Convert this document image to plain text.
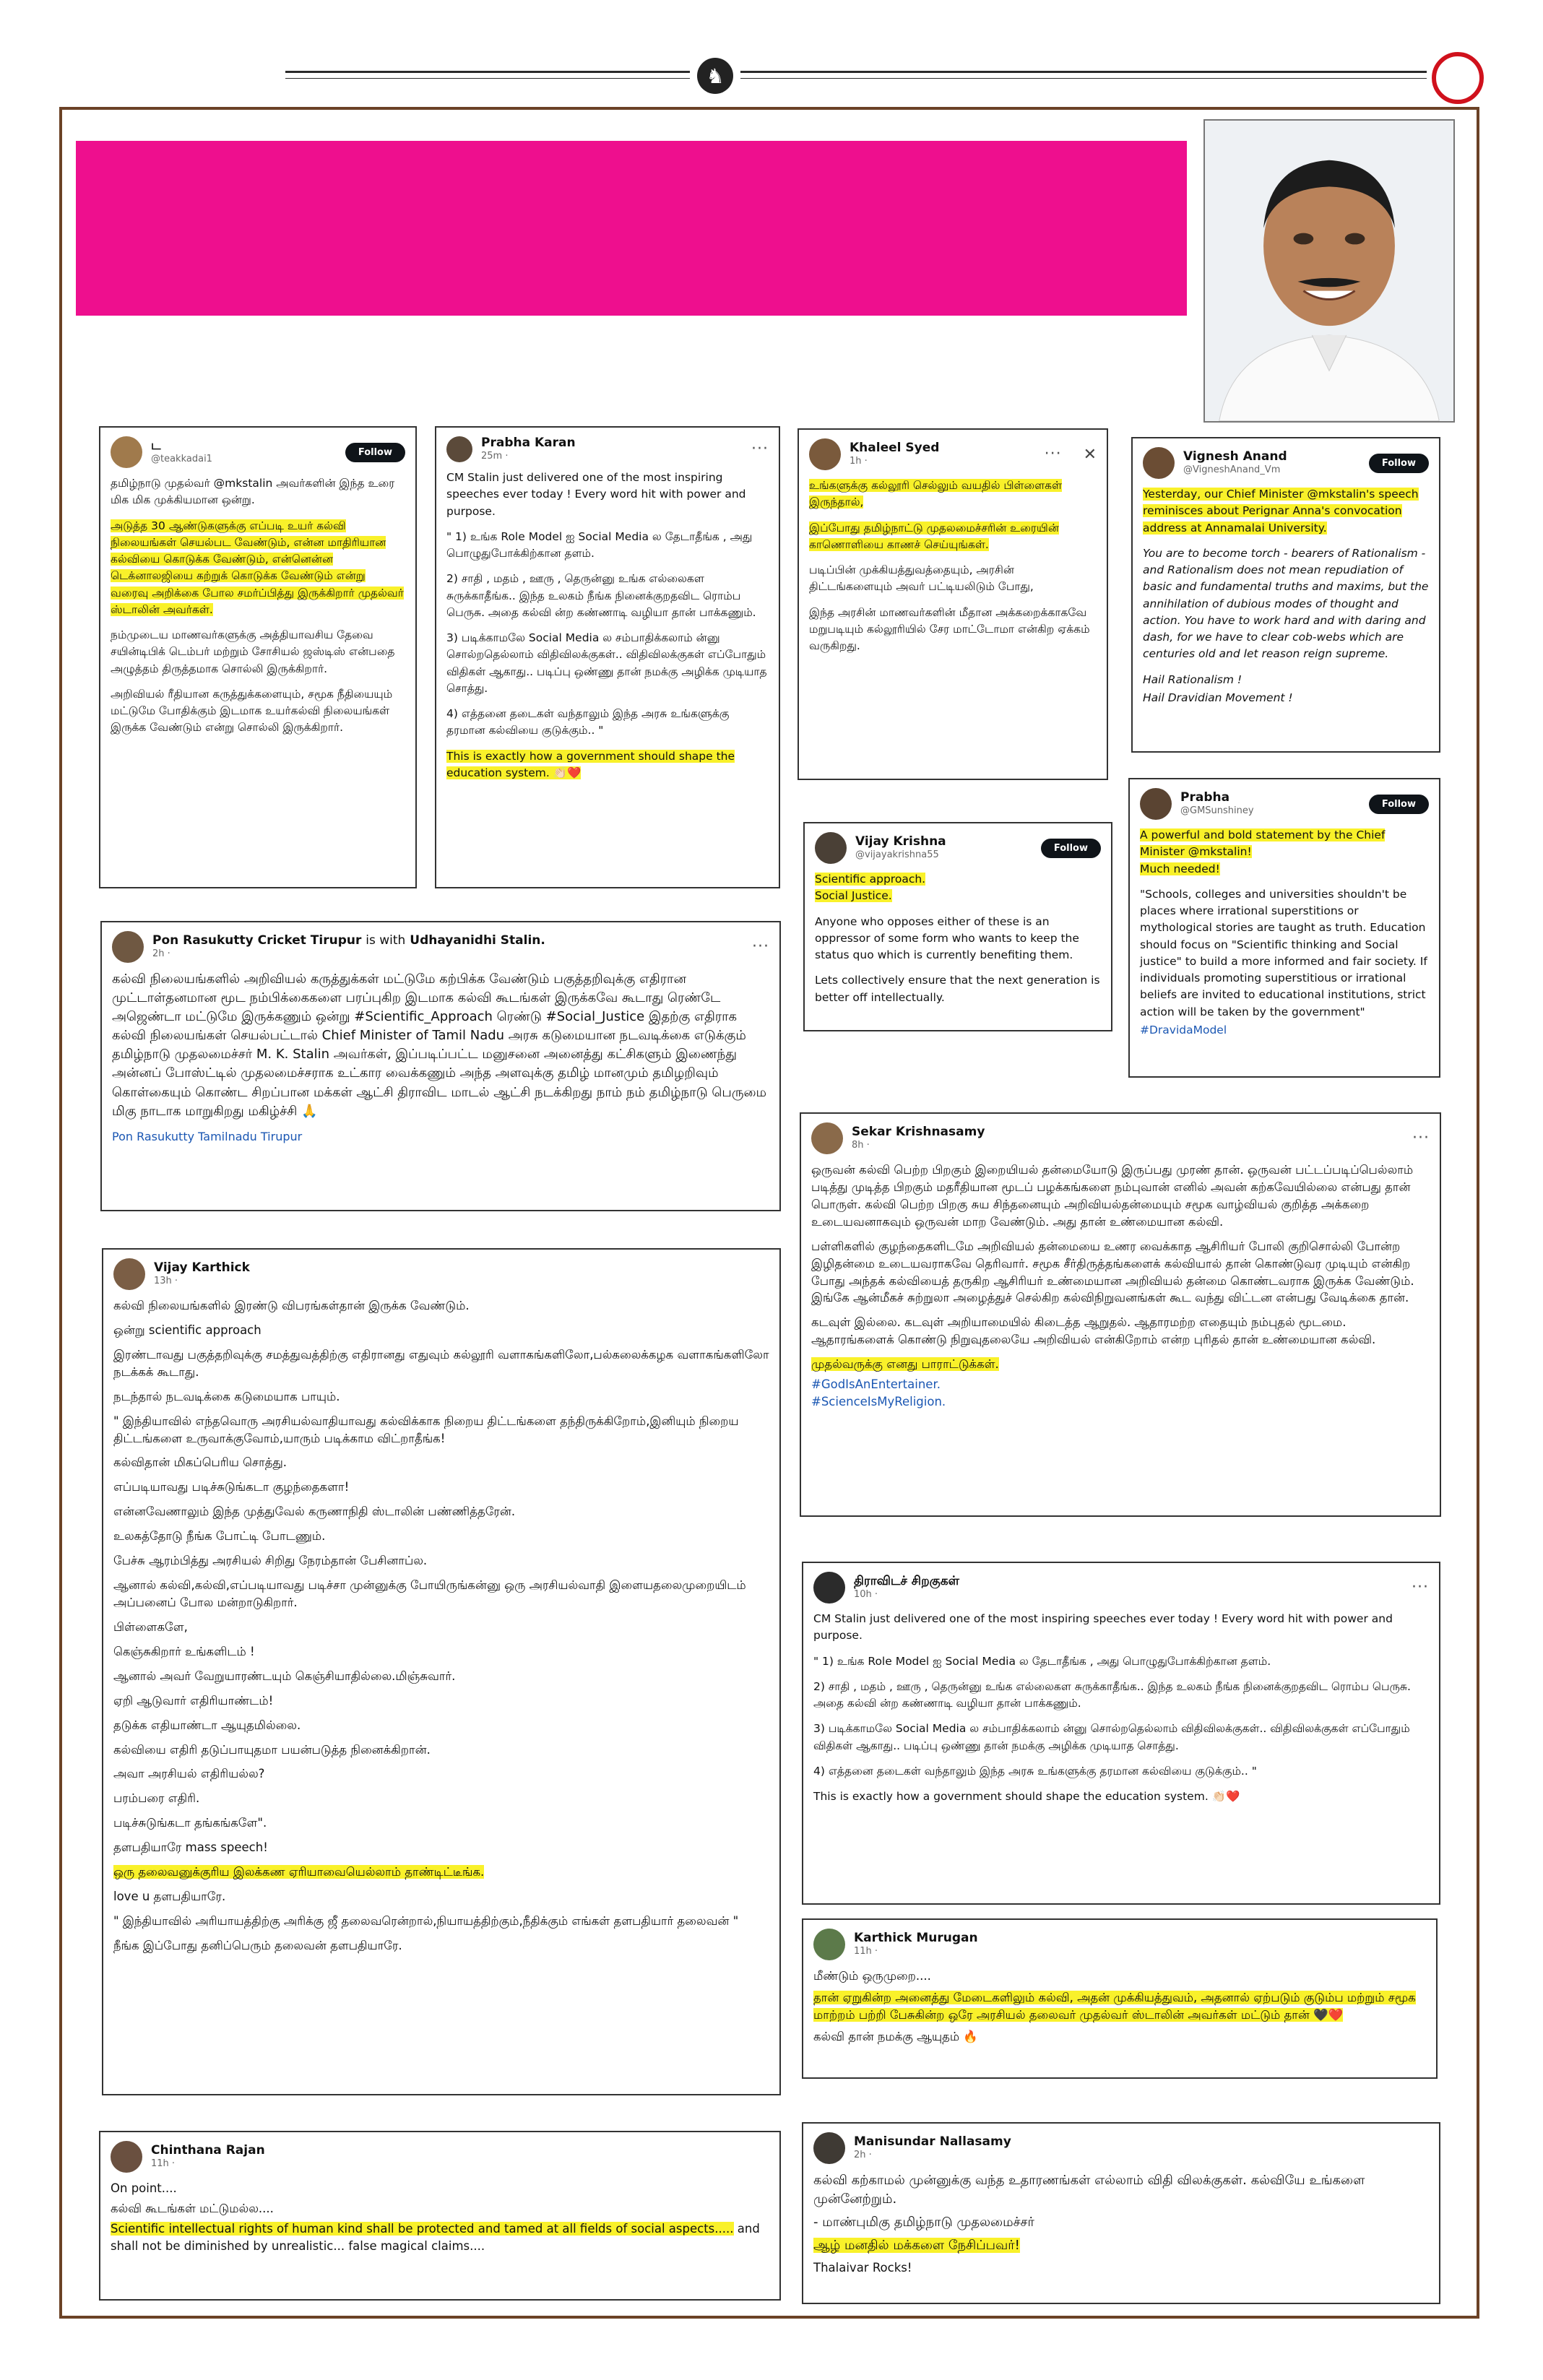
♞
ட
@teakkadai1
Follow
தமிழ்நாடு முதல்வர் @mkstalin அவர்களின் இந்த உரை மிக மிக முக்கியமான ஒன்று.
அடுத்த 30 ஆண்டுகளுக்கு எப்படி உயர் கல்வி நிலையங்கள் செயல்பட வேண்டும், என்ன மாதிரியான கல்வியை கொடுக்க வேண்டும், என்னென்ன டெக்னாலஜியை கற்றுக் கொடுக்க வேண்டும் என்று வரைவு அறிக்கை போல சமர்ப்பித்து இருக்கிறார் முதல்வர் ஸ்டாலின் அவர்கள்.
நம்முடைய மாணவர்களுக்கு அத்தியாவசிய தேவை சயின்டிபிக் டெம்பர் மற்றும் சோசியல் ஜஸ்டிஸ் என்பதை அழுத்தம் திருத்தமாக சொல்லி இருக்கிறார்.
அறிவியல் ரீதியான கருத்துக்களையும், சமூக நீதியையும் மட்டுமே போதிக்கும் இடமாக உயர்கல்வி நிலையங்கள் இருக்க வேண்டும் என்று சொல்லி இருக்கிறார்.
Prabha Karan
25m ·	···
CM Stalin just delivered one of the most inspiring speeches ever today ! Every word hit with power and purpose.
" 1) உங்க Role Model ஐ Social Media ல தேடாதீங்க , அது பொழுதுபோக்கிற்கான தளம்.
2) சாதி , மதம் , ஊரு , தெருன்னு உங்க எல்லைகள சுருக்காதீங்க.. இந்த உலகம் நீங்க நினைக்குறதவிட ரொம்ப பெருசு. அதை கல்வி ன்ற கண்ணாடி வழியா தான் பாக்கணும்.
3) படிக்காமலே Social Media ல சம்பாதிக்கலாம் ன்னு சொல்றதெல்லாம் விதிவிலக்குகள்.. விதிவிலக்குகள் எப்போதும் விதிகள் ஆகாது.. படிப்பு ஒண்ணு தான் நமக்கு அழிக்க முடியாத சொத்து.
4) எத்தனை தடைகள் வந்தாலும் இந்த அரசு உங்களுக்கு தரமான கல்வியை குடுக்கும்.. "
This is exactly how a government should shape the education system. 👏🏻❤️
Khaleel Syed
1h ·	··· ✕
உங்களுக்கு கல்லூரி செல்லும் வயதில் பிள்ளைகள் இருந்தால்,
இப்போது தமிழ்நாட்டு முதலமைச்சரின் உரையின் காணொளியை காணச் செய்யுங்கள்.
படிப்பின் முக்கியத்துவத்தையும், அரசின் திட்டங்களையும் அவர் பட்டியலிடும் போது,
இந்த அரசின் மாணவர்களின் மீதான அக்கறைக்காகவே மறுபடியும் கல்லூரியில் சேர மாட்டோமா என்கிற ஏக்கம் வருகிறது.
Vignesh Anand
@VigneshAnand_Vm
Follow
Yesterday, our Chief Minister @mkstalin's speech reminisces about Perignar Anna's convocation address at Annamalai University.
You are to become torch - bearers of Rationalism - and Rationalism does not mean repudiation of basic and fundamental truths and maxims, but the annihilation of dubious modes of thought and action. You have to work hard and with daring and dash, for we have to clear cob-webs which are centuries old and let reason reign supreme.
Hail Rationalism !
Hail Dravidian Movement !
Vijay Krishna
@vijayakrishna55
Follow
Scientific approach.
Social Justice.
Anyone who opposes either of these is an oppressor of some form who wants to keep the status quo which is currently benefiting them.
Lets collectively ensure that the next generation is better off intellectually.
Prabha
@GMSunshiney
Follow
A powerful and bold statement by the Chief Minister @mkstalin!
Much needed!
"Schools, colleges and universities shouldn't be places where irrational superstitions or mythological stories are taught as truth. Education should focus on "Scientific thinking and Social justice" to build a more informed and fair society. If individuals promoting superstitious or irrational beliefs are invited to educational institutions, strict action will be taken by the government"
#DravidaModel
Pon Rasukutty Cricket Tirupur is with Udhayanidhi Stalin.
2h ·	···
கல்வி நிலையங்களில் அறிவியல் கருத்துக்கள் மட்டுமே கற்பிக்க வேண்டும் பகுத்தறிவுக்கு எதிரான முட்டாள்தனமான மூட நம்பிக்கைகளை பரப்புகிற இடமாக கல்வி கூடங்கள் இருக்கவே கூடாது ரெண்டே அஜெண்டா மட்டுமே இருக்கணும் ஒன்று #Scientific_Approach ரெண்டு #Social_Justice இதற்கு எதிராக கல்வி நிலையங்கள் செயல்பட்டால் Chief Minister of Tamil Nadu அரசு கடுமையான நடவடிக்கை எடுக்கும் தமிழ்நாடு முதலமைச்சர் M. K. Stalin அவர்கள், இப்படிப்பட்ட மனுசனை அனைத்து கட்சிகளும் இணைந்து அன்னப் போஸ்ட்டில் முதலமைச்சராக உட்கார வைக்கணும் அந்த அளவுக்கு தமிழ் மானமும் தமிழறிவும் கொள்கையும் கொண்ட சிறப்பான மக்கள் ஆட்சி திராவிட மாடல் ஆட்சி நடக்கிறது நாம் நம் தமிழ்நாடு பெருமை மிகு நாடாக மாறுகிறது மகிழ்ச்சி 🙏
Pon Rasukutty Tamilnadu Tirupur	Sekar Krishnasamy
8h ·	···
ஒருவன் கல்வி பெற்ற பிறகும் இறையியல் தன்மையோடு இருப்பது முரண் தான். ஒருவன் பட்டப்படிப்பெல்லாம் படித்து முடித்த பிறகும் மதரீதியான மூடப் பழக்கங்களை நம்புவான் எனில் அவன் கற்கவேயில்லை என்பது தான் பொருள். கல்வி பெற்ற பிறகு சுய சிந்தனையும் அறிவியல்தன்மையும் சமூக வாழ்வியல் குறித்த அக்கறை உடையவனாகவும் ஒருவன் மாற வேண்டும். அது தான் உண்மையான கல்வி.
பள்ளிகளில் குழந்தைகளிடமே அறிவியல் தன்மையை உணர வைக்காத ஆசிரியர் போலி குறிசொல்லி போன்ற இழிதன்மை உடையவராகவே தெரிவார். சமூக சீர்திருத்தங்களைக் கல்வியால் தான் கொண்டுவர முடியும் என்கிற போது அந்தக் கல்வியைத் தருகிற ஆசிரியர் உண்மையான அறிவியல் தன்மை கொண்டவராக இருக்க வேண்டும். இங்கே ஆன்மீகச் சுற்றுலா அழைத்துச் செல்கிற கல்விநிறுவனங்கள் கூட வந்து விட்டன என்பது வேடிக்கை தான்.
கடவுள் இல்லை. கடவுள் அறியாமையில் கிடைத்த ஆறுதல். ஆதாரமற்ற எதையும் நம்புதல் மூடமை. ஆதாரங்களைக் கொண்டு நிறுவுதலையே அறிவியல் என்கிறோம் என்ற புரிதல் தான் உண்மையான கல்வி.
முதல்வருக்கு எனது பாராட்டுக்கள்.
#GodIsAnEntertainer.
#ScienceIsMyReligion.
Vijay Karthick
13h ·
கல்வி நிலையங்களில் இரண்டு விபரங்கள்தான் இருக்க வேண்டும்.
ஒன்று scientific approach
இரண்டாவது பகுத்தறிவுக்கு சமத்துவத்திற்கு எதிரானது எதுவும் கல்லூரி வளாகங்களிலோ,பல்கலைக்கழக வளாகங்களிலோ நடக்கக் கூடாது.
நடந்தால் நடவடிக்கை கடுமையாக பாயும்.
" இந்தியாவில் எந்தவொரு அரசியல்வாதியாவது கல்விக்காக நிறைய திட்டங்களை தந்திருக்கிறோம்,இனியும் நிறைய திட்டங்களை உருவாக்குவோம்,யாரும் படிக்காம விட்றாதீங்க!
கல்விதான் மிகப்பெரிய சொத்து.
எப்படியாவது படிச்சுடுங்கடா குழந்தைகளா!
என்னவேணாலும் இந்த முத்துவேல் கருணாநிதி ஸ்டாலின் பண்ணித்தரேன்.
உலகத்தோடு நீங்க போட்டி போடணும்.
பேச்சு ஆரம்பித்து அரசியல் சிறிது நேரம்தான் பேசினாப்ல.
ஆனால் கல்வி,கல்வி,எப்படியாவது படிச்சா முன்னுக்கு போயிருங்கன்னு ஒரு அரசியல்வாதி இளையதலைமுறையிடம் அப்பனைப் போல மன்றாடுகிறார்.
பிள்ளைகளே,
கெஞ்சுகிறார் உங்களிடம் !
ஆனால் அவர் வேறுயாரண்டயும் கெஞ்சியாதில்லை.மிஞ்சுவார்.
ஏறி ஆடுவார் எதிரியாண்டம்!
தடுக்க எதியாண்டா ஆயுதமில்லை.
கல்வியை எதிரி தடுப்பாயுதமா பயன்படுத்த நினைக்கிறான்.
அவா அரசியல் எதிரியல்ல?
பரம்பரை எதிரி.
படிச்சுடுங்கடா தங்கங்களே".
தளபதியாரே mass speech!
ஒரு தலைவனுக்குரிய இலக்கண ஏரியாவையெல்லாம் தாண்டிட்டீங்க.
love u தளபதியாரே.
" இந்தியாவில் அரியாயத்திற்கு அரிக்கு ஜீ தலைவரென்றால்,நியாயத்திற்கும்,நீதிக்கும் எங்கள் தளபதியார் தலைவன் "
நீங்க இப்போது தனிப்பெரும் தலைவன் தளபதியாரே.
திராவிடச் சிறகுகள்
10h ·	···
CM Stalin just delivered one of the most inspiring speeches ever today ! Every word hit with power and purpose.
" 1) உங்க Role Model ஐ Social Media ல தேடாதீங்க , அது பொழுதுபோக்கிற்கான தளம்.
2) சாதி , மதம் , ஊரு , தெருன்னு உங்க எல்லைகள சுருக்காதீங்க.. இந்த உலகம் நீங்க நினைக்குறதவிட ரொம்ப பெருசு. அதை கல்வி ன்ற கண்ணாடி வழியா தான் பாக்கணும்.
3) படிக்காமலே Social Media ல சம்பாதிக்கலாம் ன்னு சொல்றதெல்லாம் விதிவிலக்குகள்.. விதிவிலக்குகள் எப்போதும் விதிகள் ஆகாது.. படிப்பு ஒண்ணு தான் நமக்கு அழிக்க முடியாத சொத்து.
4) எத்தனை தடைகள் வந்தாலும் இந்த அரசு உங்களுக்கு தரமான கல்வியை குடுக்கும்.. "
This is exactly how a government should shape the education system. 👏🏻❤️
Karthick Murugan
11h ·
மீண்டும் ஒருமுறை....
தான் ஏறுகின்ற அனைத்து மேடைகளிலும் கல்வி, அதன் முக்கியத்துவம், அதனால் ஏற்படும் குடும்ப மற்றும் சமூக மாற்றம் பற்றி பேசுகின்ற ஒரே அரசியல் தலைவர் முதல்வர் ஸ்டாலின் அவர்கள் மட்டும் தான் 🖤❤️
கல்வி தான் நமக்கு ஆயுதம் 🔥
Chinthana Rajan
11h ·
On point....
கல்வி கூடங்கள் மட்டுமல்ல....
Scientific intellectual rights of human kind shall be protected and tamed at all fields of social aspects..... and shall not be diminished by unrealistic... false magical claims....
Manisundar Nallasamy
2h ·
கல்வி கற்காமல் முன்னுக்கு வந்த உதாரணங்கள் எல்லாம் விதி விலக்குகள். கல்வியே உங்களை முன்னேற்றும்.
- மாண்புமிகு தமிழ்நாடு முதலமைச்சர்
ஆழ் மனதில் மக்களை நேசிப்பவர்!
Thalaivar Rocks!
